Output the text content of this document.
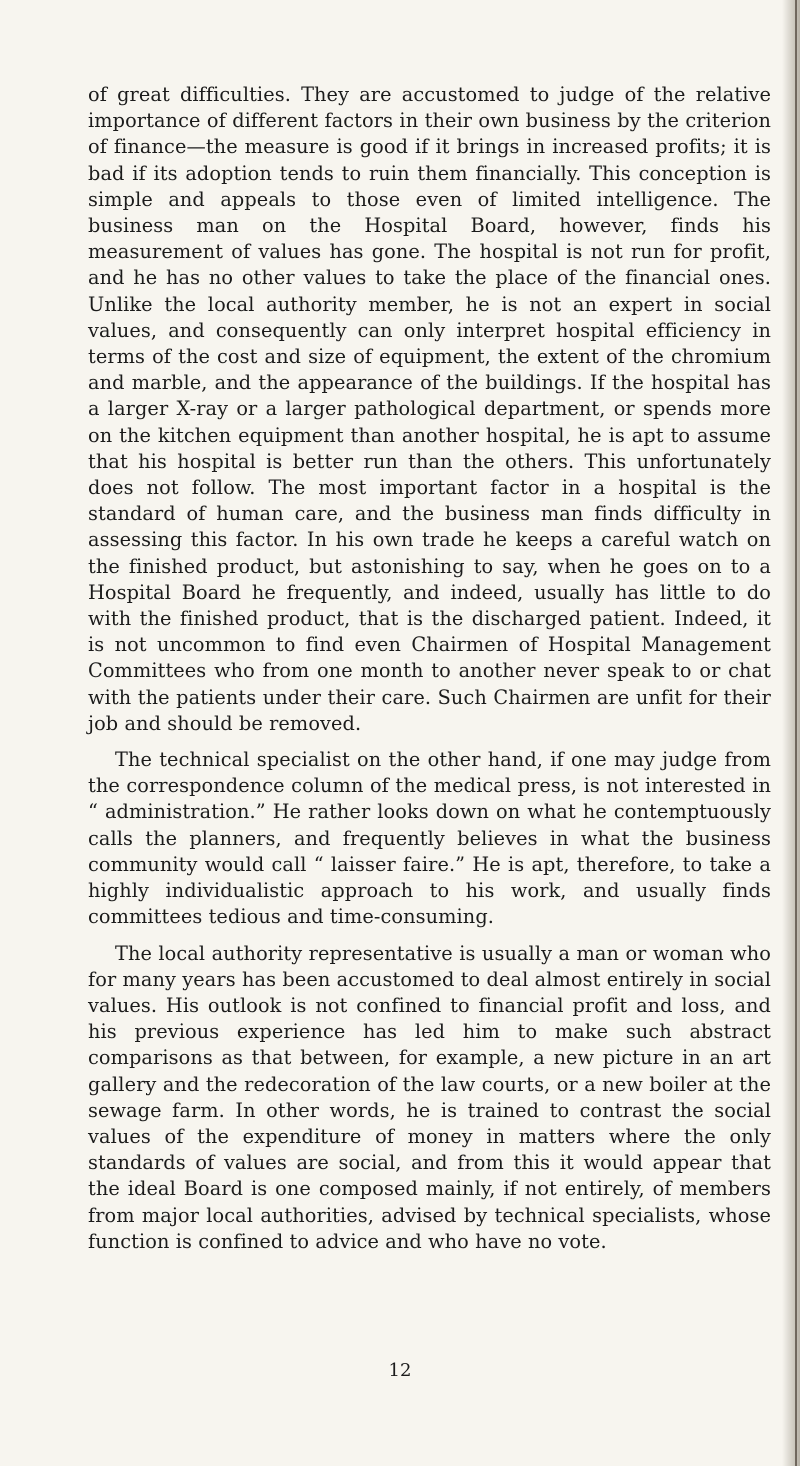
of great difficulties. They are accustomed to judge of the relative importance of different factors in their own business by the criterion of finance—the measure is good if it brings in increased profits; it is bad if its adoption tends to ruin them financially. This conception is simple and appeals to those even of limited intelligence. The business man on the Hospital Board, however, finds his measurement of values has gone. The hospital is not run for profit, and he has no other values to take the place of the financial ones. Unlike the local authority member, he is not an expert in social values, and consequently can only interpret hospital efficiency in terms of the cost and size of equipment, the extent of the chromium and marble, and the appearance of the buildings. If the hospital has a larger X-ray or a larger pathological department, or spends more on the kitchen equipment than another hospital, he is apt to assume that his hospital is better run than the others. This unfortunately does not follow. The most important factor in a hospital is the standard of human care, and the business man finds difficulty in assessing this factor. In his own trade he keeps a careful watch on the finished product, but astonishing to say, when he goes on to a Hospital Board he frequently, and indeed, usually has little to do with the finished product, that is the discharged patient. Indeed, it is not uncommon to find even Chairmen of Hospital Management Committees who from one month to another never speak to or chat with the patients under their care. Such Chairmen are unfit for their job and should be removed.

The technical specialist on the other hand, if one may judge from the correspondence column of the medical press, is not interested in “ administration.” He rather looks down on what he contemptuously calls the planners, and frequently believes in what the business community would call “ laisser faire.” He is apt, therefore, to take a highly individualistic approach to his work, and usually finds committees tedious and time-consuming.

The local authority representative is usually a man or woman who for many years has been accustomed to deal almost entirely in social values. His outlook is not confined to financial profit and loss, and his previous experience has led him to make such abstract comparisons as that between, for example, a new picture in an art gallery and the redecoration of the law courts, or a new boiler at the sewage farm. In other words, he is trained to contrast the social values of the expenditure of money in matters where the only standards of values are social, and from this it would appear that the ideal Board is one composed mainly, if not entirely, of members from major local authorities, advised by technical specialists, whose function is confined to advice and who have no vote.

12
